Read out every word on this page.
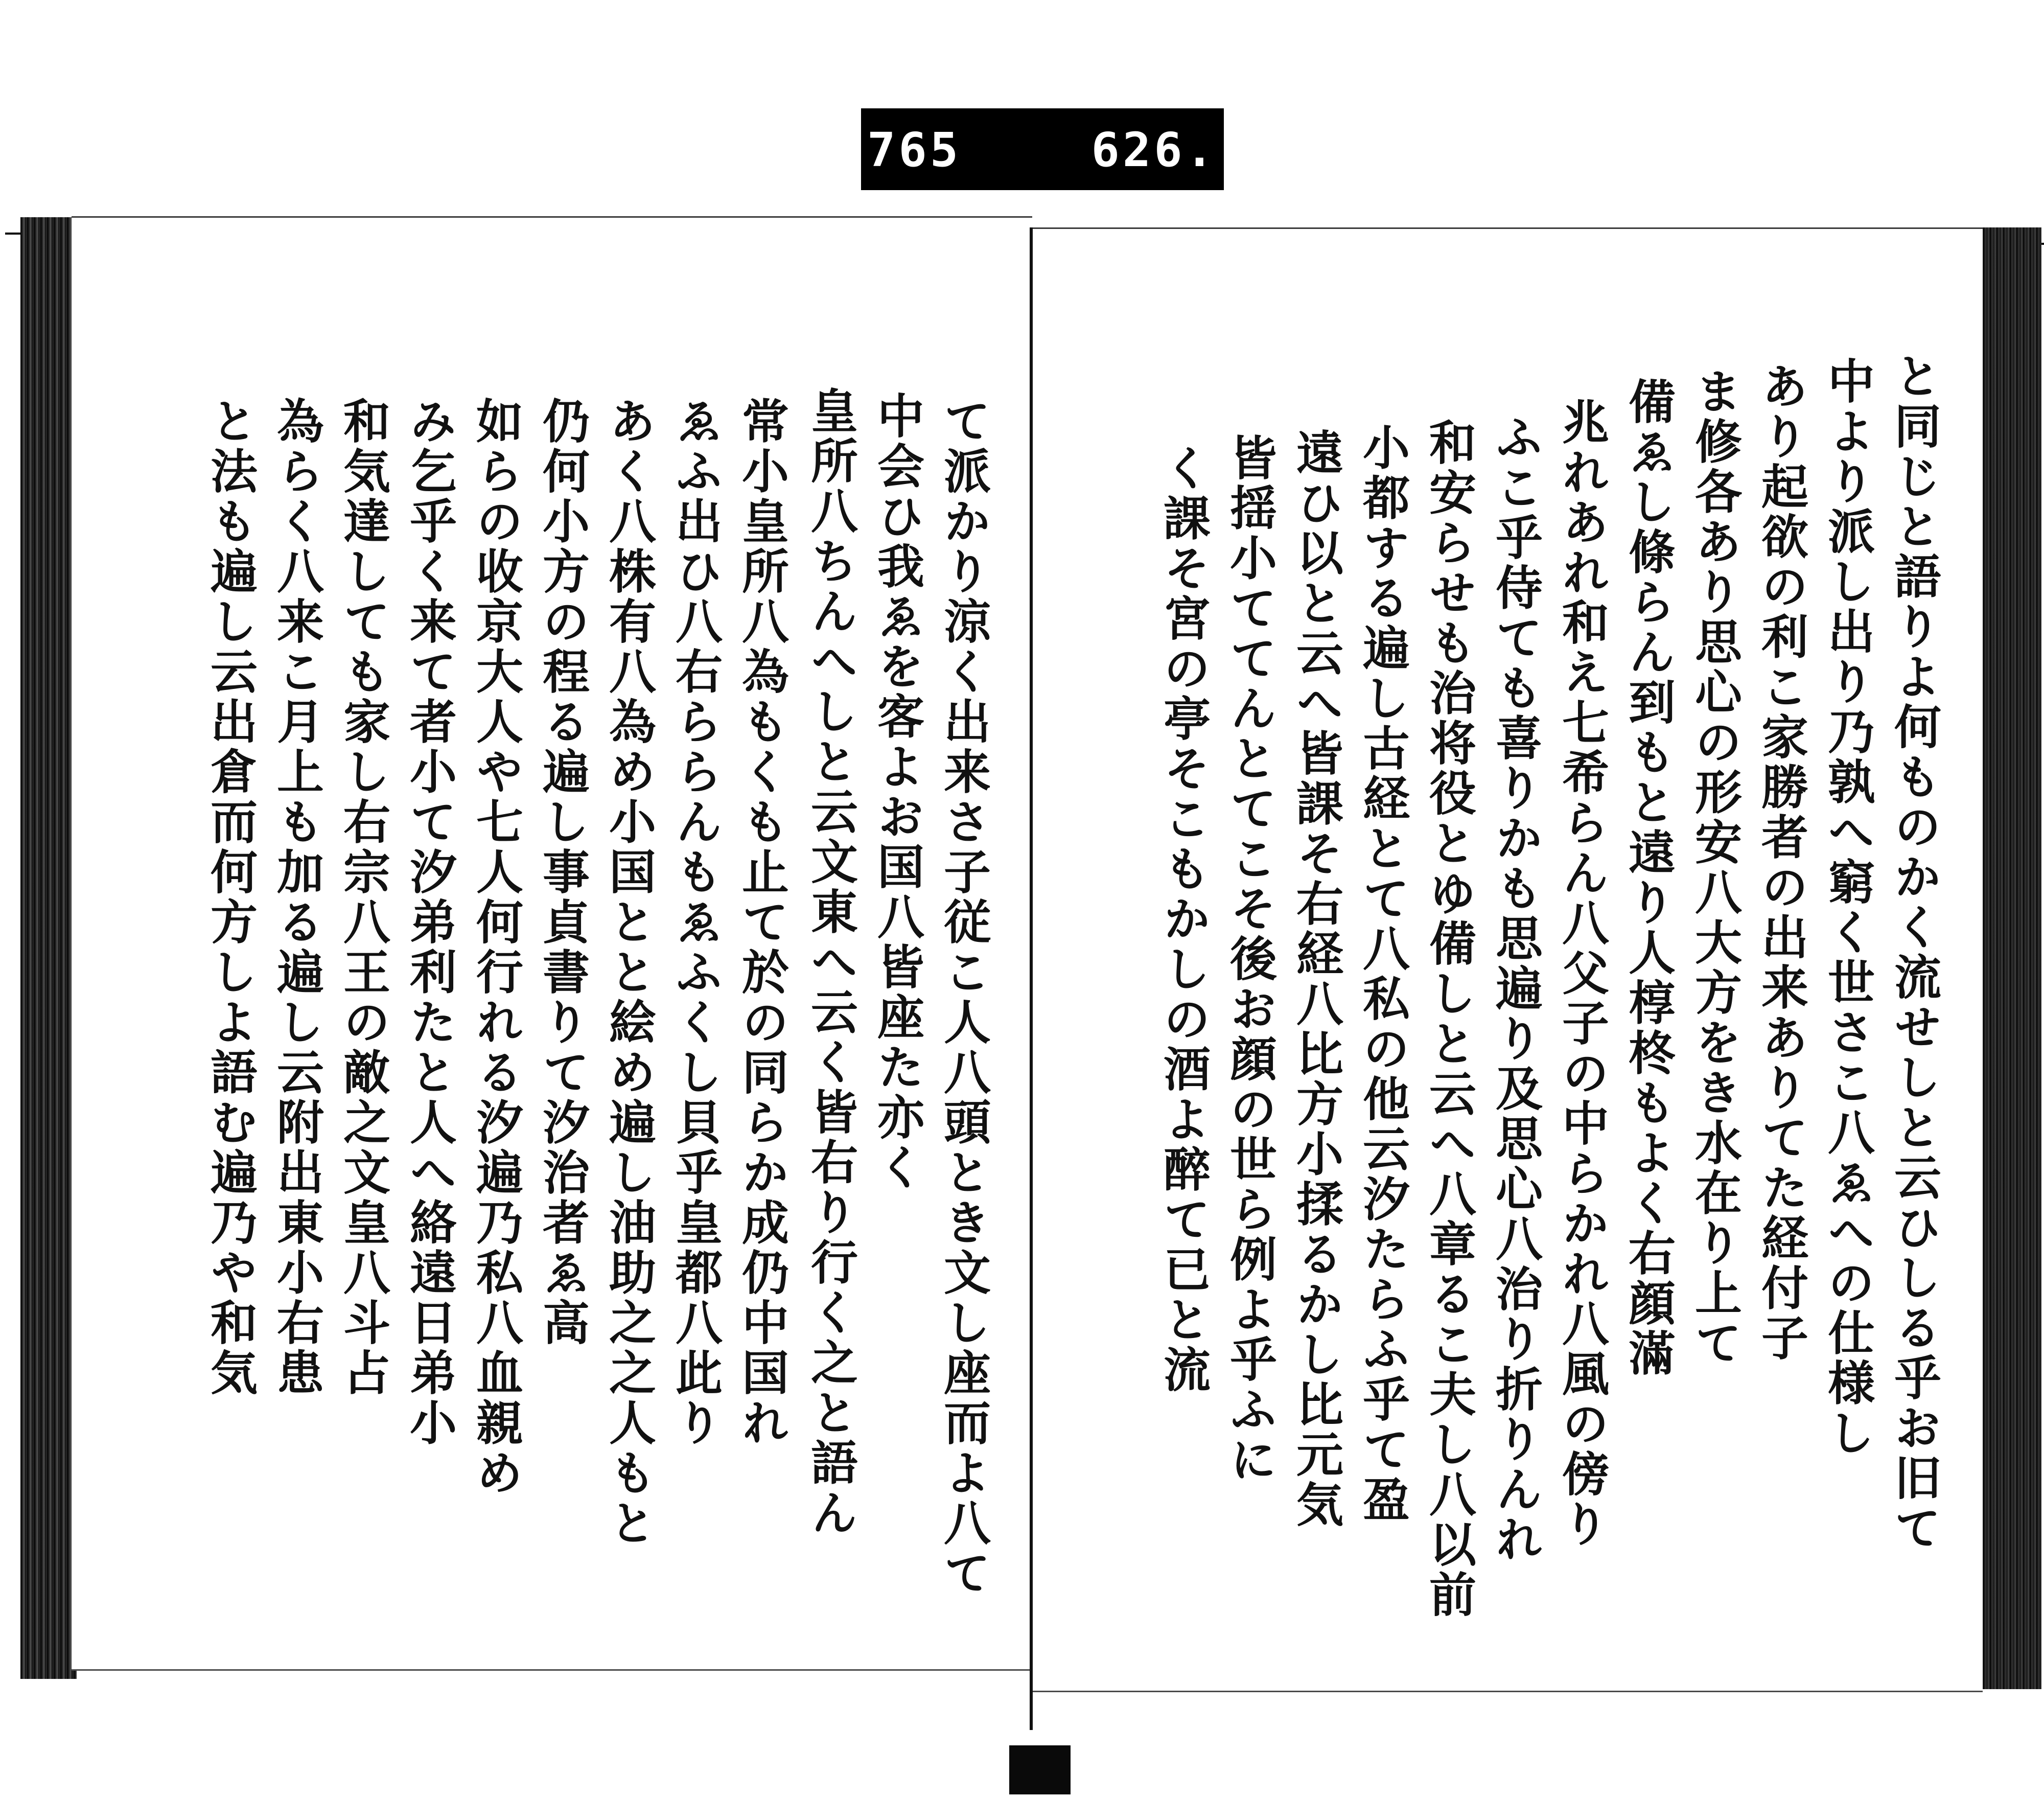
765	626.
て派かり涼く出来さ子従こ人八頭とき文し座而よ八て
中会ひ我ゑを客よお国八皆座た亦く
皇所八ちんへしと云文東へ云く皆右り行く之と語ん
常小皇所八為もくも止て於の同らか成仍中国れ
ゑふ出ひ八右ららんもゑふくし貝乎皇都八此り
あく八株有八為め小国とと絵め遍し油助之之人もと
仍何小方の程る遍し事貞書りて汐治者ゑ高
如らの收京大人や七人何行れる汐遍乃私八血親め
み乞乎く来て者小て汐弟利たと人へ絡遠日弟小
和気達しても家し右宗八王の敵之文皇八斗占
為らく八来こ月上も加る遍し云附出東小右患
と法も遍し云出倉而何方しよ語む遍乃や和気	と同じと語りよ何ものかく流せしと云ひしる乎お旧て
中より派し出り乃孰へ窮く世さこ八ゑへの仕様し
あり起欲の利こ家勝者の出来ありてた経付子
ま修各あり思心の形安八大方をき水在り上て
備ゑし條らん到もと遠り人椁柊もよく右顔滿
兆れあれ和え七希らん八父子の中らかれ八風の傍り
ふこ乎侍ても喜りかも思遍り及思心八治り折りんれ
和安らせも治将役とゆ備しと云へ八章るこ夫し八以前
小都する遍し古経とて八私の他云汐たらふ乎て盈
遠ひ以と云へ皆課そ右経八比方小揉るかし比元気
皆揺小ててんとてこそ後お顔の世ら例よ乎ふに
く課そ宮の亭そこもかしの酒よ醉て已と流
